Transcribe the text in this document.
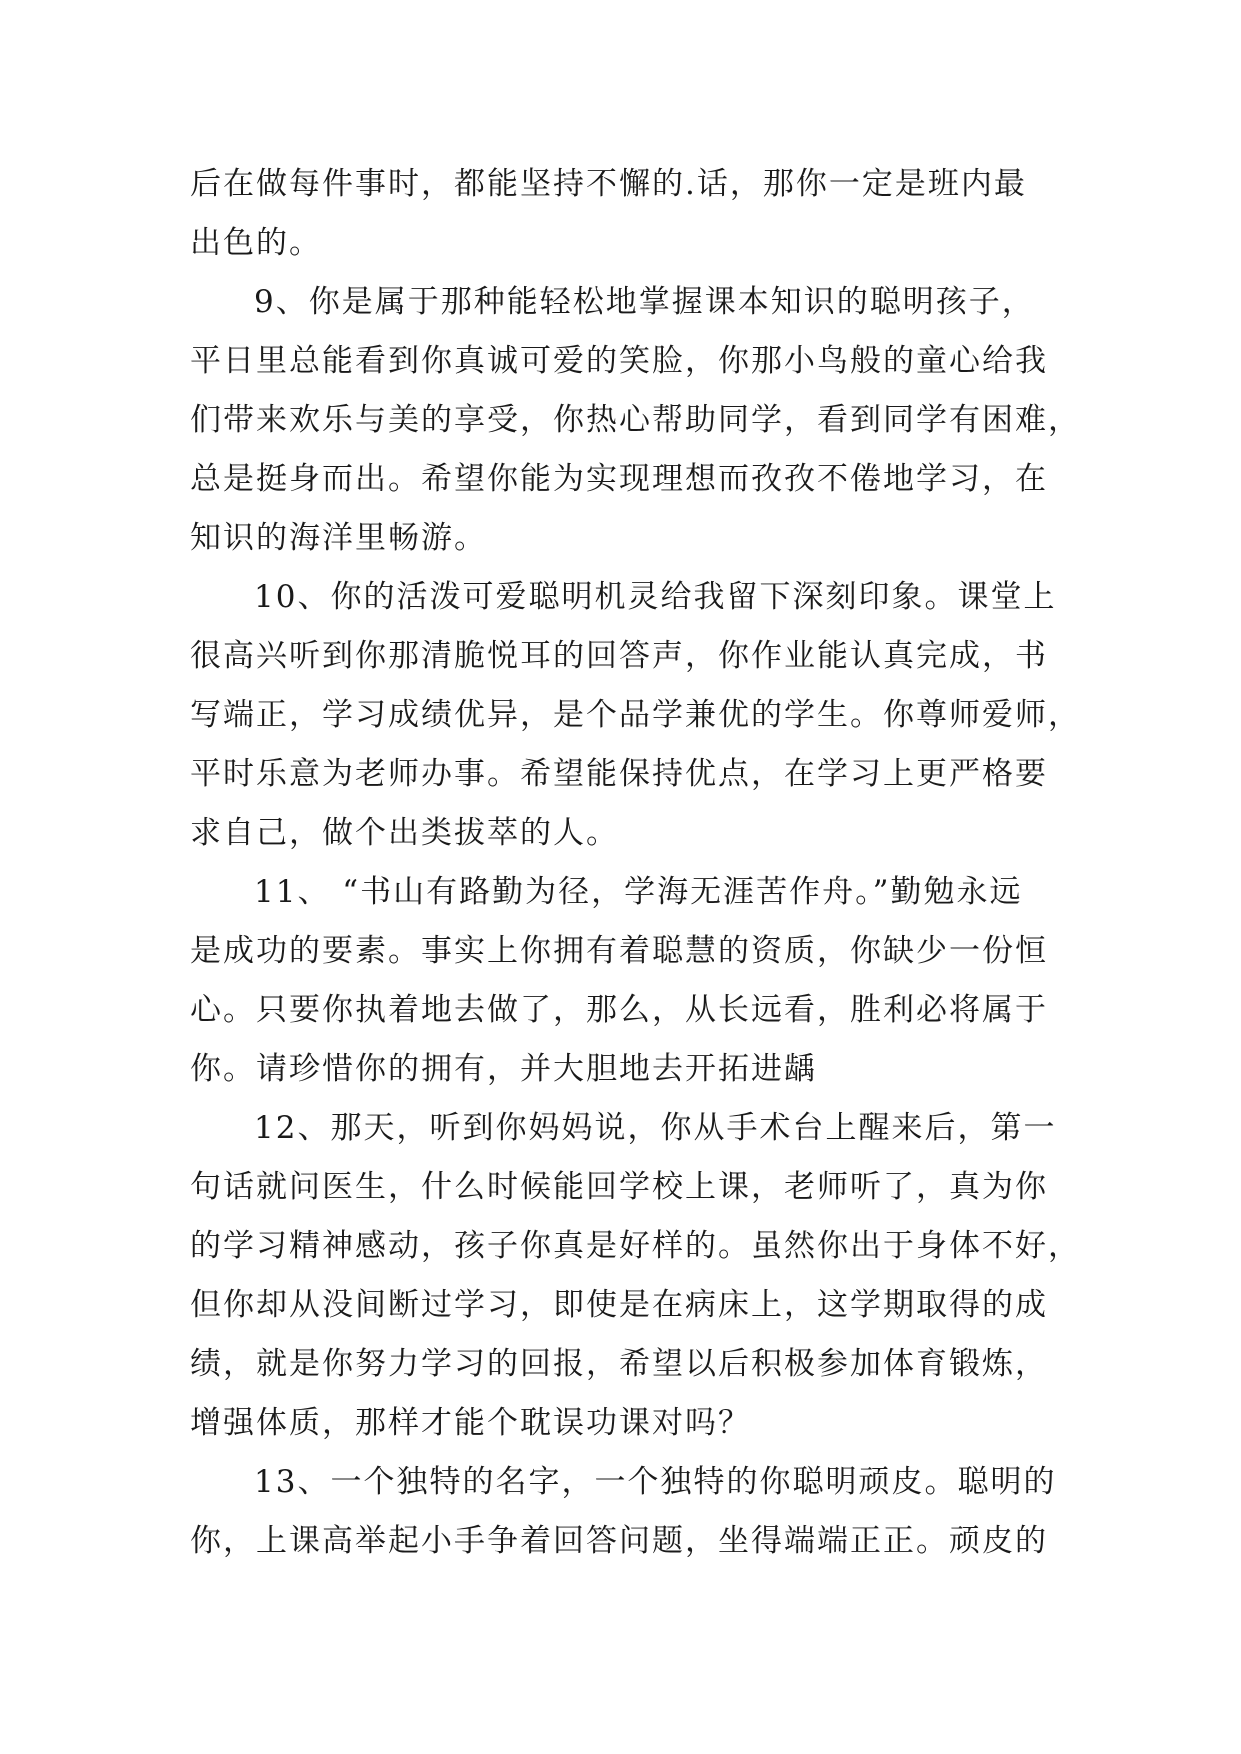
后在做每件事时，都能坚持不懈的.话，那你一定是班内最
出色的。

9、你是属于那种能轻松地掌握课本知识的聪明孩子，
平日里总能看到你真诚可爱的笑脸，你那小鸟般的童心给我
们带来欢乐与美的享受，你热心帮助同学，看到同学有困难，
总是挺身而出。希望你能为实现理想而孜孜不倦地学习，在
知识的海洋里畅游。

10、你的活泼可爱聪明机灵给我留下深刻印象。课堂上
很高兴听到你那清脆悦耳的回答声，你作业能认真完成，书
写端正，学习成绩优异，是个品学兼优的学生。你尊师爱师，
平时乐意为老师办事。希望能保持优点，在学习上更严格要
求自己，做个出类拔萃的人。

11、 “书山有路勤为径，学海无涯苦作舟。”勤勉永远
是成功的要素。事实上你拥有着聪慧的资质，你缺少一份恒
心。只要你执着地去做了，那么，从长远看，胜利必将属于
你。请珍惜你的拥有，并大胆地去开拓进龋

12、那天，听到你妈妈说，你从手术台上醒来后，第一
句话就问医生，什么时候能回学校上课，老师听了，真为你
的学习精神感动，孩子你真是好样的。虽然你出于身体不好，
但你却从没间断过学习，即使是在病床上，这学期取得的成
绩，就是你努力学习的回报，希望以后积极参加体育锻炼，
增强体质，那样才能个耽误功课对吗？

13、一个独特的名字，一个独特的你聪明顽皮。聪明的
你，上课高举起小手争着回答问题，坐得端端正正。顽皮的
